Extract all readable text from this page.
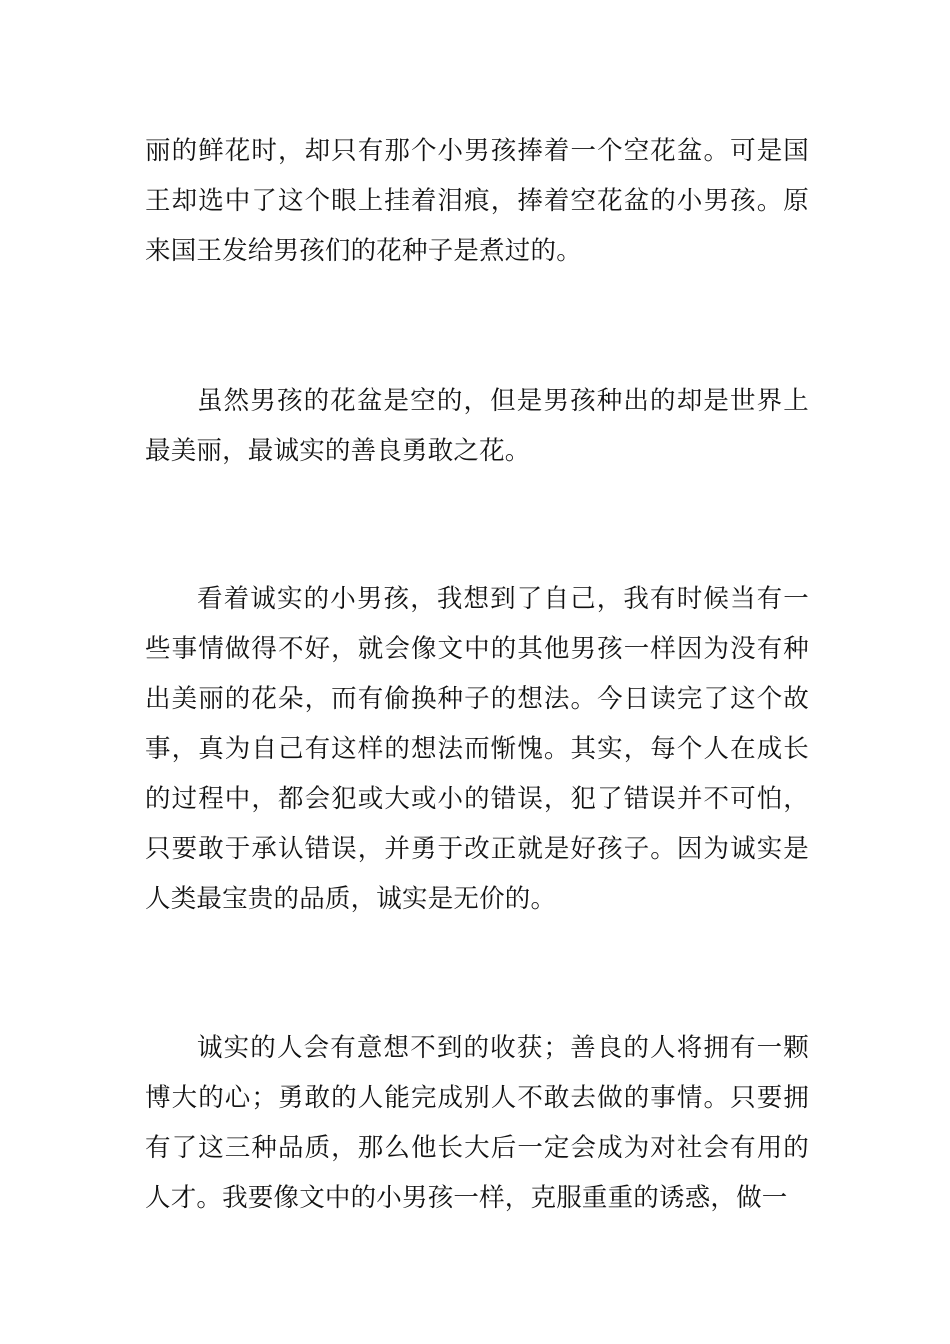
丽的鲜花时，却只有那个小男孩捧着一个空花盆。可是国王却选中了这个眼上挂着泪痕，捧着空花盆的小男孩。原来国王发给男孩们的花种子是煮过的。

虽然男孩的花盆是空的，但是男孩种出的却是世界上最美丽，最诚实的善良勇敢之花。

看着诚实的小男孩，我想到了自己，我有时候当有一些事情做得不好，就会像文中的其他男孩一样因为没有种出美丽的花朵，而有偷换种子的想法。今日读完了这个故事，真为自己有这样的想法而惭愧。其实，每个人在成长的过程中，都会犯或大或小的错误，犯了错误并不可怕，只要敢于承认错误，并勇于改正就是好孩子。因为诚实是人类最宝贵的品质，诚实是无价的。

诚实的人会有意想不到的收获；善良的人将拥有一颗博大的心；勇敢的人能完成别人不敢去做的事情。只要拥有了这三种品质，那么他长大后一定会成为对社会有用的人才。我要像文中的小男孩一样，克服重重的诱惑，做一
